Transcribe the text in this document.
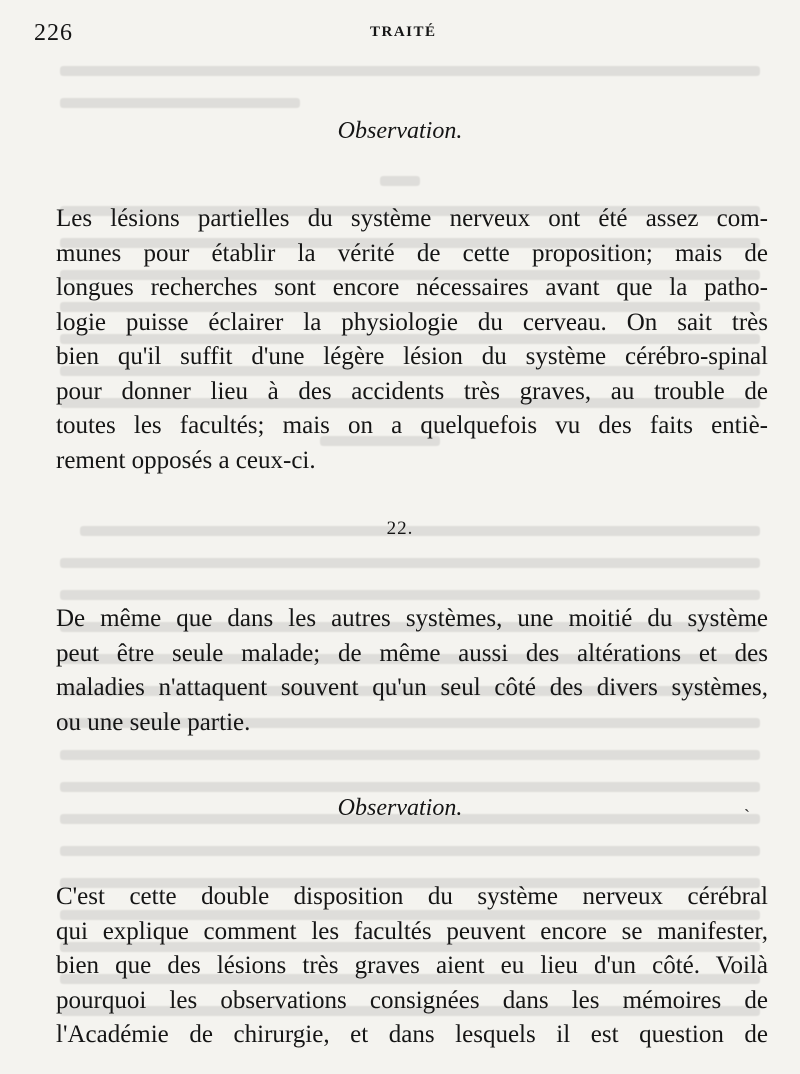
226	TRAITÉ
Observation.
Les lésions partielles du système nerveux ont été assez com-
munes pour établir la vérité de cette proposition; mais de
longues recherches sont encore nécessaires avant que la patho-
logie puisse éclairer la physiologie du cerveau. On sait très
bien qu'il suffit d'une légère lésion du système cérébro-spinal
pour donner lieu à des accidents très graves, au trouble de
toutes les facultés; mais on a quelquefois vu des faits entiè-
rement opposés a ceux-ci.
22.
De même que dans les autres systèmes, une moitié du système
peut être seule malade; de même aussi des altérations et des
maladies n'attaquent souvent qu'un seul côté des divers systèmes,
ou une seule partie.
Observation.	`
C'est cette double disposition du système nerveux cérébral
qui explique comment les facultés peuvent encore se manifester,
bien que des lésions très graves aient eu lieu d'un côté. Voilà
pourquoi les observations consignées dans les mémoires de
l'Académie de chirurgie, et dans lesquels il est question de
